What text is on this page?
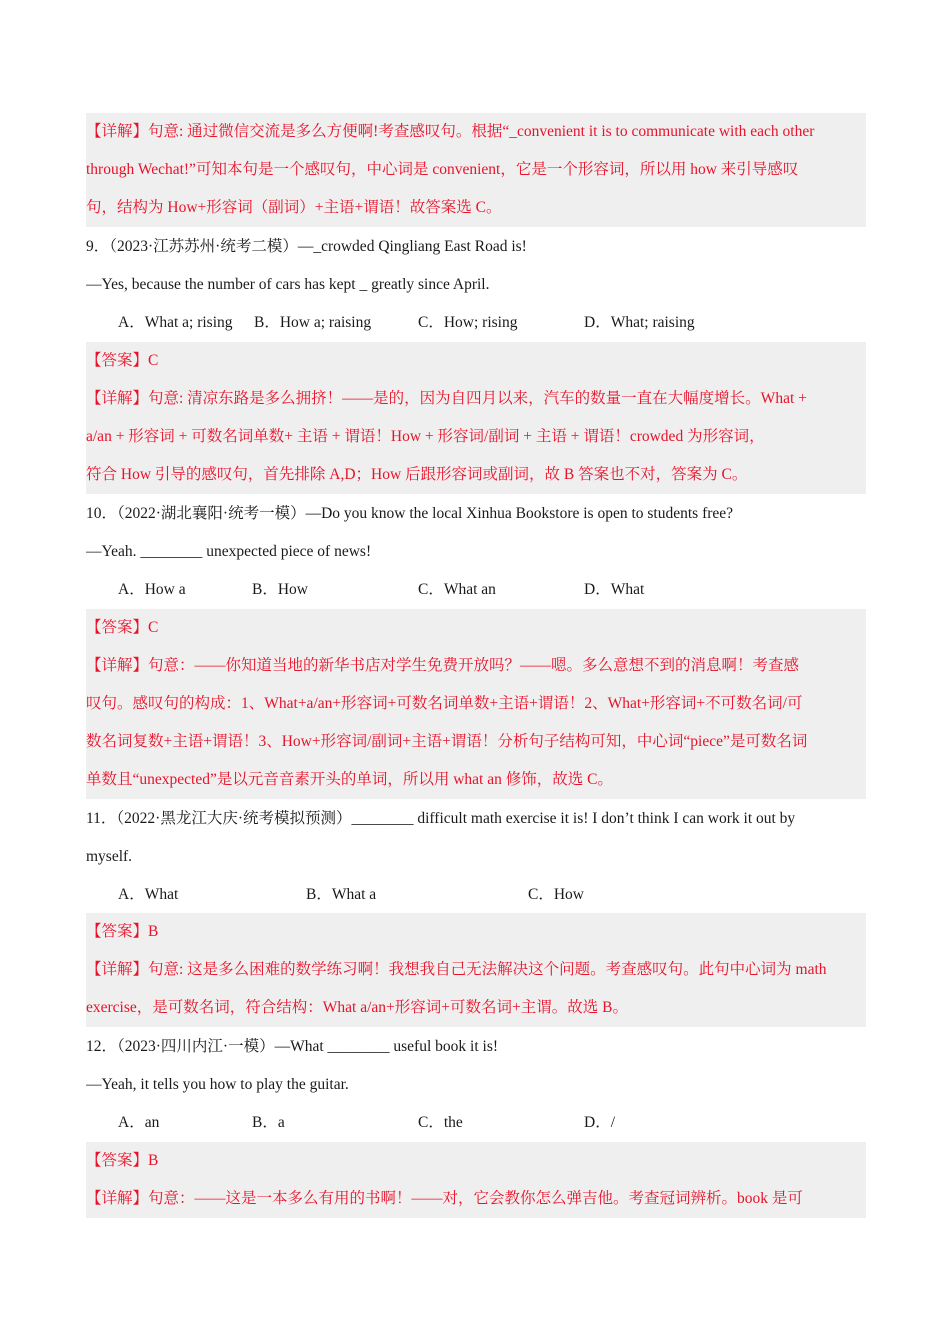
【详解】句意: 通过微信交流是多么方便啊!考查感叹句。根据“_convenient it is to communicate with each other
through Wechat!”可知本句是一个感叹句，中心词是 convenient，它是一个形容词，所以用 how 来引导感叹
句，结构为 How+形容词（副词）+主语+谓语！故答案选 C。
9．（2023·江苏苏州·统考二模）—_crowded Qingliang East Road is!
—Yes, because the number of cars has kept _ greatly since April.
A．What a; rising B．How a; raising	C．How; rising	D．What; raising
【答案】C
【详解】句意: 清凉东路是多么拥挤！——是的，因为自四月以来，汽车的数量一直在大幅度增长。What +
a/an + 形容词 + 可数名词单数+ 主语 + 谓语！How + 形容词/副词 + 主语 + 谓语！crowded 为形容词，
符合 How 引导的感叹句，首先排除 A,D；How 后跟形容词或副词，故 B 答案也不对，答案为 C。
10．（2022·湖北襄阳·统考一模）—Do you know the local Xinhua Bookstore is open to students free?
—Yeah. ________ unexpected piece of news!
A．How a	B．How	C．What an	D．What
【答案】C
【详解】句意：——你知道当地的新华书店对学生免费开放吗？——嗯。多么意想不到的消息啊！考查感
叹句。感叹句的构成：1、What+a/an+形容词+可数名词单数+主语+谓语！2、What+形容词+不可数名词/可
数名词复数+主语+谓语！3、How+形容词/副词+主语+谓语！分析句子结构可知，中心词“piece”是可数名词
单数且“unexpected”是以元音音素开头的单词，所以用 what an 修饰，故选 C。
11．（2022·黑龙江大庆·统考模拟预测）________ difficult math exercise it is! I don’t think I can work it out by
myself.
A．What	B．What a	C．How
【答案】B
【详解】句意: 这是多么困难的数学练习啊！我想我自己无法解决这个问题。考查感叹句。此句中心词为 math
exercise，是可数名词，符合结构：What a/an+形容词+可数名词+主谓。故选 B。
12．（2023·四川内江·一模）—What ________ useful book it is!
—Yeah, it tells you how to play the guitar.
A．an	B．a	C．the	D．/
【答案】B
【详解】句意：——这是一本多么有用的书啊！——对，它会教你怎么弹吉他。考查冠词辨析。book 是可
